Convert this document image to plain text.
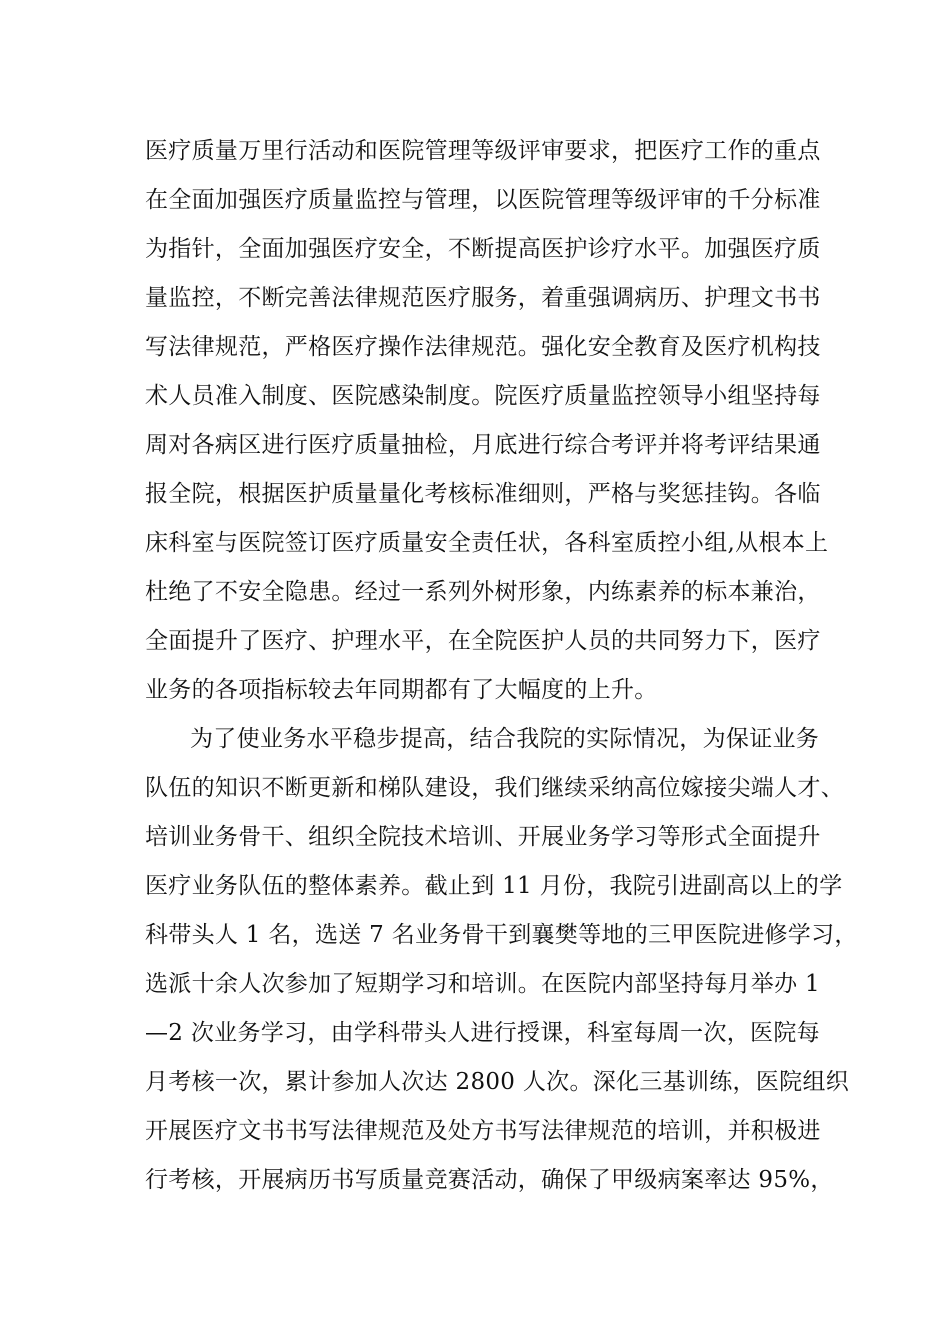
医疗质量万里行活动和医院管理等级评审要求，把医疗工作的重点
在全面加强医疗质量监控与管理，以医院管理等级评审的千分标准
为指针，全面加强医疗安全，不断提高医护诊疗水平。加强医疗质
量监控，不断完善法律规范医疗服务，着重强调病历、护理文书书
写法律规范，严格医疗操作法律规范。强化安全教育及医疗机构技
术人员准入制度、医院感染制度。院医疗质量监控领导小组坚持每
周对各病区进行医疗质量抽检，月底进行综合考评并将考评结果通
报全院，根据医护质量量化考核标准细则，严格与奖惩挂钩。各临
床科室与医院签订医疗质量安全责任状，各科室质控小组,从根本上
杜绝了不安全隐患。经过一系列外树形象，内练素养的标本兼治，
全面提升了医疗、护理水平，在全院医护人员的共同努力下，医疗
业务的各项指标较去年同期都有了大幅度的上升。
为了使业务水平稳步提高，结合我院的实际情况，为保证业务
队伍的知识不断更新和梯队建设，我们继续采纳高位嫁接尖端人才、
培训业务骨干、组织全院技术培训、开展业务学习等形式全面提升
医疗业务队伍的整体素养。截止到 11 月份，我院引进副高以上的学
科带头人 1 名，选送 7 名业务骨干到襄樊等地的三甲医院进修学习，
选派十余人次参加了短期学习和培训。在医院内部坚持每月举办 1
—2 次业务学习，由学科带头人进行授课，科室每周一次，医院每
月考核一次，累计参加人次达 2800 人次。深化三基训练，医院组织
开展医疗文书书写法律规范及处方书写法律规范的培训，并积极进
行考核，开展病历书写质量竞赛活动，确保了甲级病案率达 95%，
